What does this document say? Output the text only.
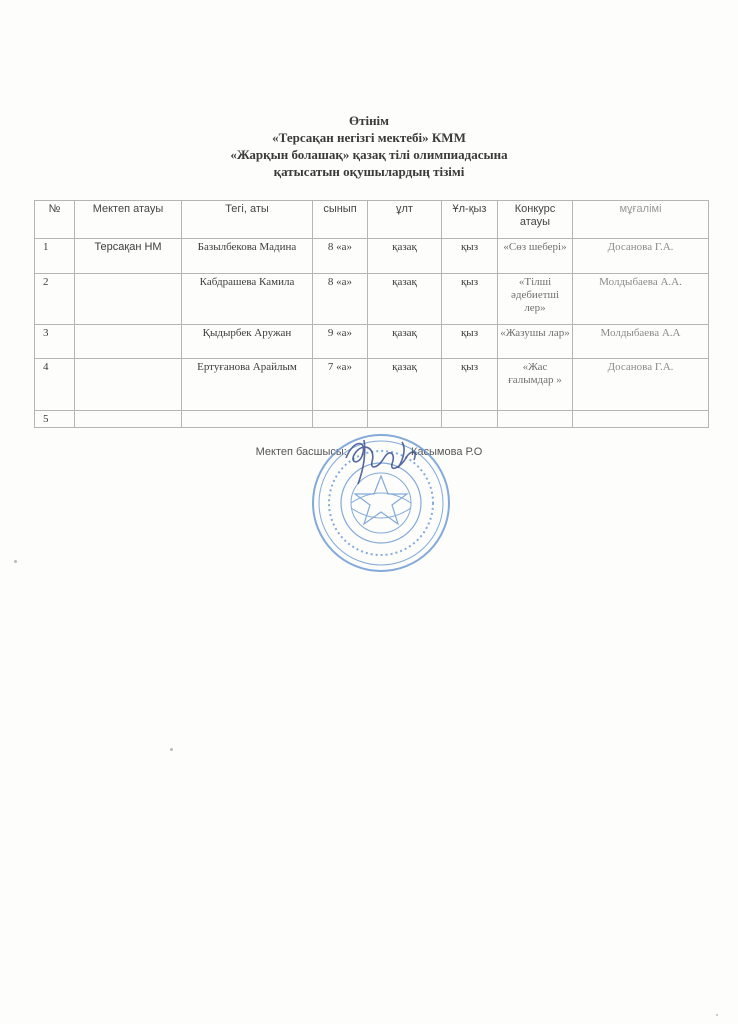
Өтінім
«Терсақан негізгі мектебі» КММ
«Жарқын болашақ» қазақ тілі олимпиадасына
қатысатын оқушылардың тізімі
№	Мектеп атауы	Тегі, аты	сынып	ұлт	Ұл-қыз	Конкурс атауы	мұғалімі
1	Терсақан НМ	Базылбекова Мадина	8 «а»	қазақ	қыз	«Сөз шебері»	Досанова Г.А.
2		Кабдрашева Камила	8 «а»	қазақ	қыз	«Тілші әдебиетші лер»	Молдыбаева А.А.
3		Қыдырбек Аружан	9 «а»	қазақ	қыз	«Жазушы лар»	Молдыбаева А.А
4		Ертуғанова Арайлым	7 «а»	қазақ	қыз	«Жас ғалымдар »	Досанова Г.А.
5							
Мектеп басшысы:	Касымова Р.О
